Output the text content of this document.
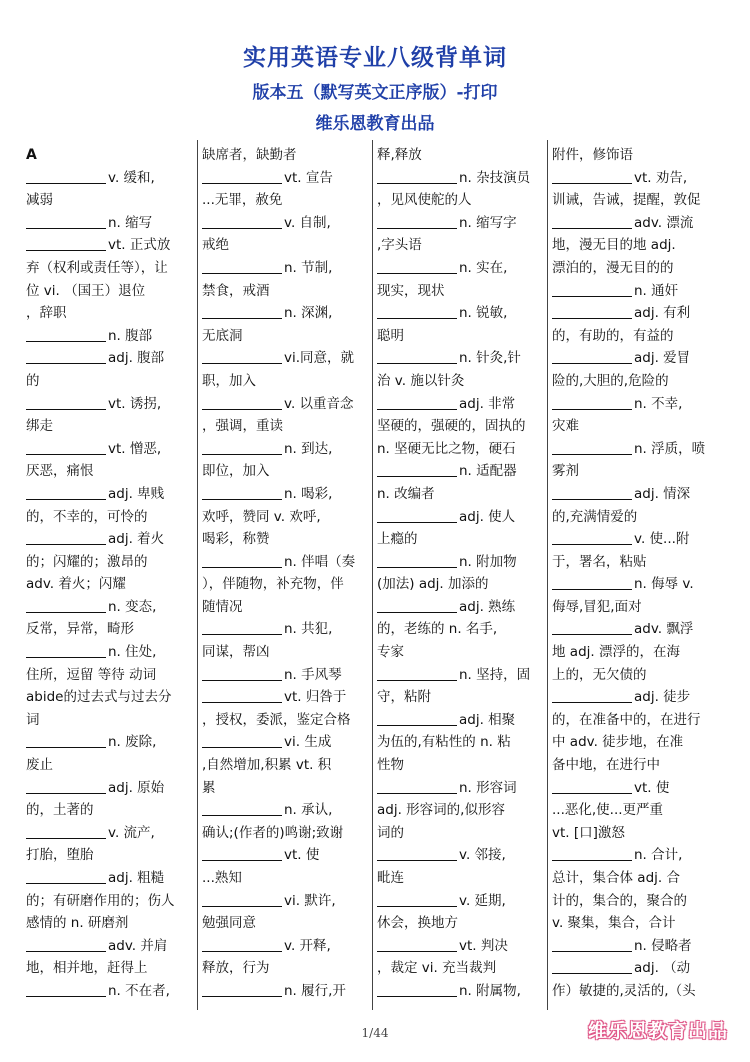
实用英语专业八级背单词
版本五（默写英文正序版）-打印
维乐恩教育出品
A
v. 缓和,
减弱
n. 缩写
vt. 正式放
弃（权利或责任等），让
位 vi. （国王）退位
，辞职
n. 腹部
adj. 腹部
的
vt. 诱拐,
绑走
vt. 憎恶,
厌恶，痛恨
adj. 卑贱
的，不幸的，可怜的
adj. 着火
的；闪耀的；激昂的
adv. 着火；闪耀
n. 变态,
反常，异常，畸形
n. 住处,
住所，逗留 等待 动词
abide的过去式与过去分
词
n. 废除,
废止
adj. 原始
的，土著的
v. 流产,
打胎，堕胎
adj. 粗糙
的；有研磨作用的；伤人
感情的 n. 研磨剂
adv. 并肩
地，相并地，赶得上
n. 不在者,
缺席者，缺勤者
vt. 宣告
...无罪，赦免
v. 自制,
戒绝
n. 节制,
禁食，戒酒
n. 深渊,
无底洞
vi.同意，就
职，加入
v. 以重音念
，强调，重读
n. 到达,
即位，加入
n. 喝彩,
欢呼，赞同 v. 欢呼,
喝彩，称赞
n. 伴唱（奏
），伴随物，补充物，伴
随情况
n. 共犯,
同谋，帮凶
n. 手风琴
vt. 归咎于
，授权，委派，鉴定合格
vi. 生成
,自然增加,积累 vt. 积
累
n. 承认,
确认;(作者的)鸣谢;致谢
vt. 使
...熟知
vi. 默许,
勉强同意
v. 开释,
释放，行为
n. 履行,开
释,释放
n. 杂技演员
，见风使舵的人
n. 缩写字
,字头语
n. 实在,
现实，现状
n. 锐敏,
聪明
n. 针灸,针
治 v. 施以针灸
adj. 非常
坚硬的，强硬的，固执的
n. 坚硬无比之物，硬石
n. 适配器
n. 改编者
adj. 使人
上瘾的
n. 附加物
(加法) adj. 加添的
adj. 熟练
的，老练的 n. 名手,
专家
n. 坚持，固
守，粘附
adj. 相聚
为伍的,有粘性的 n. 粘
性物
n. 形容词
adj. 形容词的,似形容
词的
v. 邻接,
毗连
v. 延期,
休会，换地方
vt. 判决
，裁定 vi. 充当裁判
n. 附属物,
附件，修饰语
vt. 劝告,
训诫，告诫，提醒，敦促
adv. 漂流
地，漫无目的地 adj.
漂泊的，漫无目的的
n. 通奸
adj. 有利
的，有助的，有益的
adj. 爱冒
险的,大胆的,危险的
n. 不幸,
灾难
n. 浮质，喷
雾剂
adj. 情深
的,充满情爱的
v. 使...附
于，署名，粘贴
n. 侮辱 v.
侮辱,冒犯,面对
adv. 飘浮
地 adj. 漂浮的，在海
上的，无欠债的
adj. 徒步
的，在准备中的，在进行
中 adv. 徒步地，在准
备中地，在进行中
vt. 使
...恶化,使...更严重
vt. [口]激怒
n. 合计,
总计，集合体 adj. 合
计的，集合的，聚合的
v. 聚集，集合，合计
n. 侵略者
adj. （动
作）敏捷的,灵活的,（头
1/44	维乐恩教育出品
